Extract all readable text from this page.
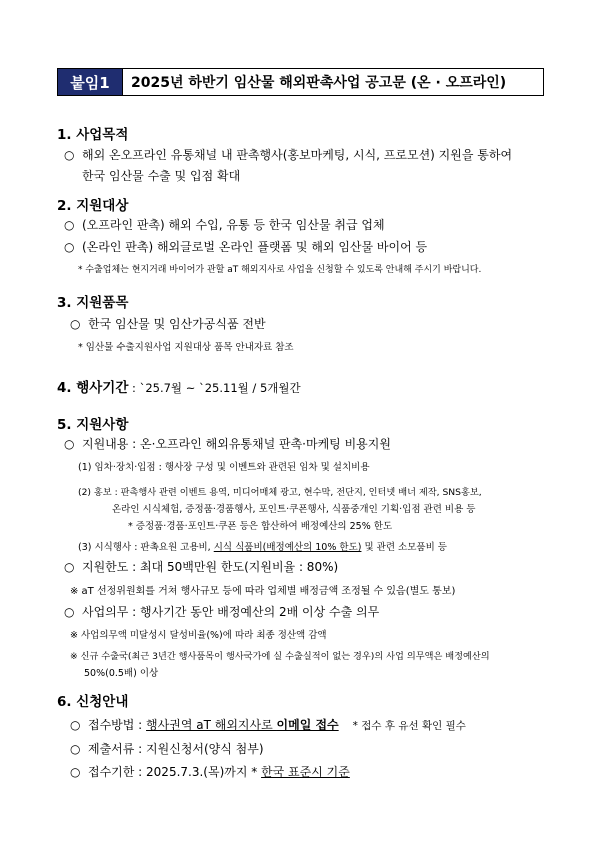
붙임1	2025년 하반기 임산물 해외판촉사업 공고문 (온 · 오프라인)
1. 사업목적
○ 해외 온오프라인 유통채널 내 판촉행사(홍보마케팅, 시식, 프로모션) 지원을 통하여
한국 임산물 수출 및 입점 확대
2. 지원대상
○ (오프라인 판촉) 해외 수입, 유통 등 한국 임산물 취급 업체
○ (온라인 판촉) 해외글로벌 온라인 플랫폼 및 해외 임산물 바이어 등
* 수출업체는 현지거래 바이어가 관할 aT 해외지사로 사업을 신청할 수 있도록 안내해 주시기 바랍니다.
3. 지원품목
○ 한국 임산물 및 임산가공식품 전반
* 임산물 수출지원사업 지원대상 품목 안내자료 참조
4. 행사기간 : `25.7월 ~ `25.11월 / 5개월간
5. 지원사항
○ 지원내용 : 온·오프라인 해외유통채널 판촉·마케팅 비용지원
(1) 임차·장치·입점 : 행사장 구성 및 이벤트와 관련된 임차 및 설치비용
(2) 홍보 : 판촉행사 관련 이벤트 용역, 미디어매체 광고, 현수막, 전단지, 인터넷 배너 제작, SNS홍보,
온라인 시식체험, 증정품·경품행사, 포인트·쿠폰행사, 식품중개인 기획·입점 관련 비용 등
* 증정품·경품·포인트·쿠폰 등은 합산하여 배정예산의 25% 한도
(3) 시식행사 : 판촉요원 고용비, 시식 식품비(배정예산의 10% 한도) 및 관련 소모품비 등
○ 지원한도 : 최대 50백만원 한도(지원비율 : 80%)
※ aT 선정위원회를 거쳐 행사규모 등에 따라 업체별 배정금액 조정될 수 있음(별도 통보)
○ 사업의무 : 행사기간 동안 배정예산의 2배 이상 수출 의무
※ 사업의무액 미달성시 달성비율(%)에 따라 최종 정산액 감액
※ 신규 수출국(최근 3년간 행사품목이 행사국가에 실 수출실적이 없는 경우)의 사업 의무액은 배정예산의
50%(0.5배) 이상
6. 신청안내
○ 접수방법 : 행사권역 aT 해외지사로 이메일 접수 * 접수 후 유선 확인 필수
○ 제출서류 : 지원신청서(양식 첨부)
○ 접수기한 : 2025.7.3.(목)까지 * 한국 표준시 기준
